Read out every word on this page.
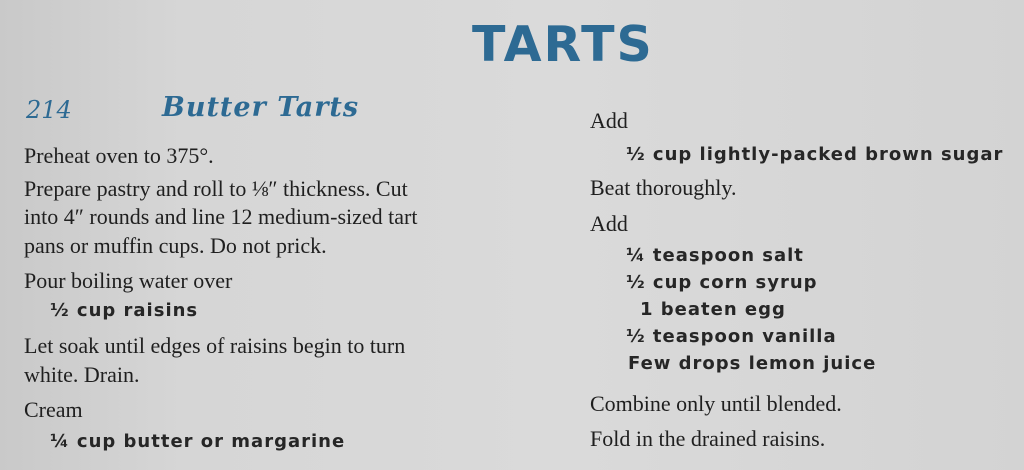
TARTS
214	Butter Tarts
Preheat oven to 375°.
Prepare pastry and roll to ⅛″ thickness. Cut
into 4″ rounds and line 12 medium-sized tart
pans or muffin cups. Do not prick.
Pour boiling water over
½ cup raisins
Let soak until edges of raisins begin to turn
white. Drain.
Cream
¼ cup butter or margarine
Add
½ cup lightly-packed brown sugar
Beat thoroughly.
Add
¼ teaspoon salt
½ cup corn syrup
1 beaten egg
½ teaspoon vanilla
Few drops lemon juice
Combine only until blended.
Fold in the drained raisins.
